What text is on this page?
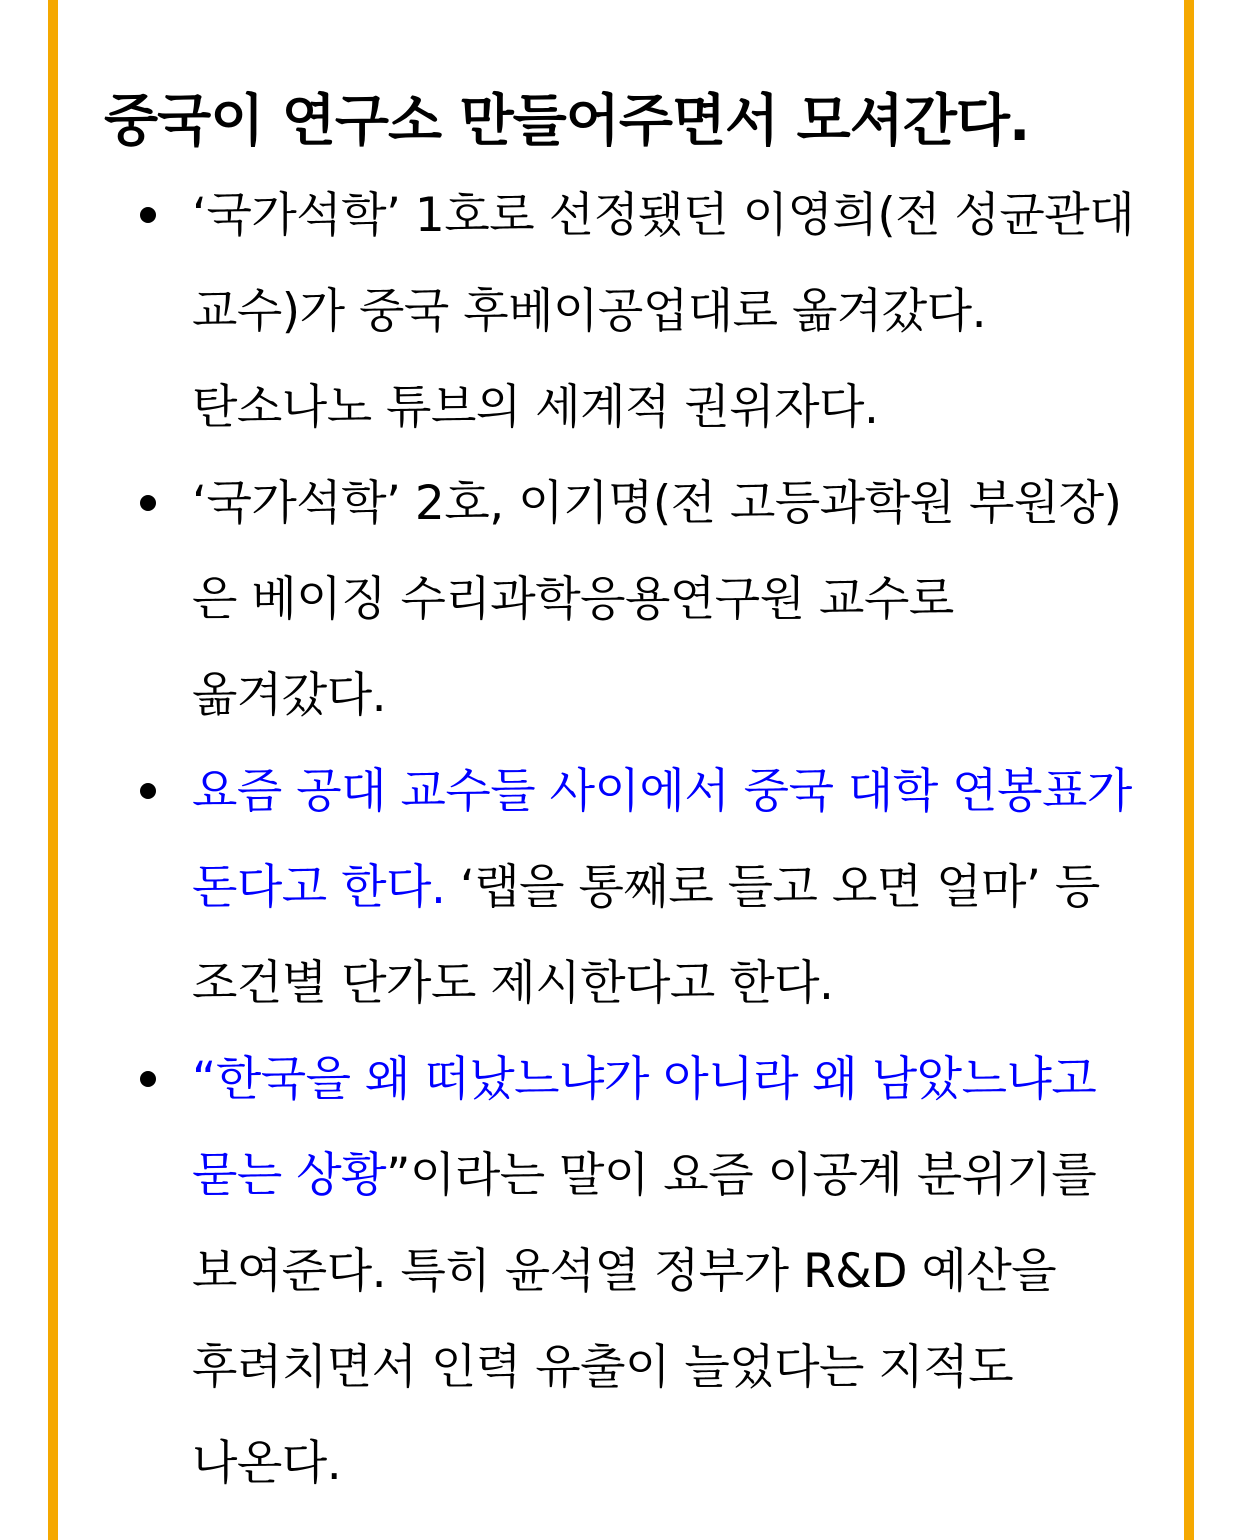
중국이 연구소 만들어주면서 모셔간다.
‘국가석학’ 1호로 선정됐던 이영희(전 성균관대 교수)가 중국 후베이공업대로 옮겨갔다. 탄소나노 튜브의 세계적 권위자다.
‘국가석학’ 2호, 이기명(전 고등과학원 부원장)은 베이징 수리과학응용연구원 교수로 옮겨갔다.
요즘 공대 교수들 사이에서 중국 대학 연봉표가 돈다고 한다. ‘랩을 통째로 들고 오면 얼마’ 등 조건별 단가도 제시한다고 한다.
“한국을 왜 떠났느냐가 아니라 왜 남았느냐고 묻는 상황”이라는 말이 요즘 이공계 분위기를 보여준다. 특히 윤석열 정부가 R&D 예산을 후려치면서 인력 유출이 늘었다는 지적도 나온다.
